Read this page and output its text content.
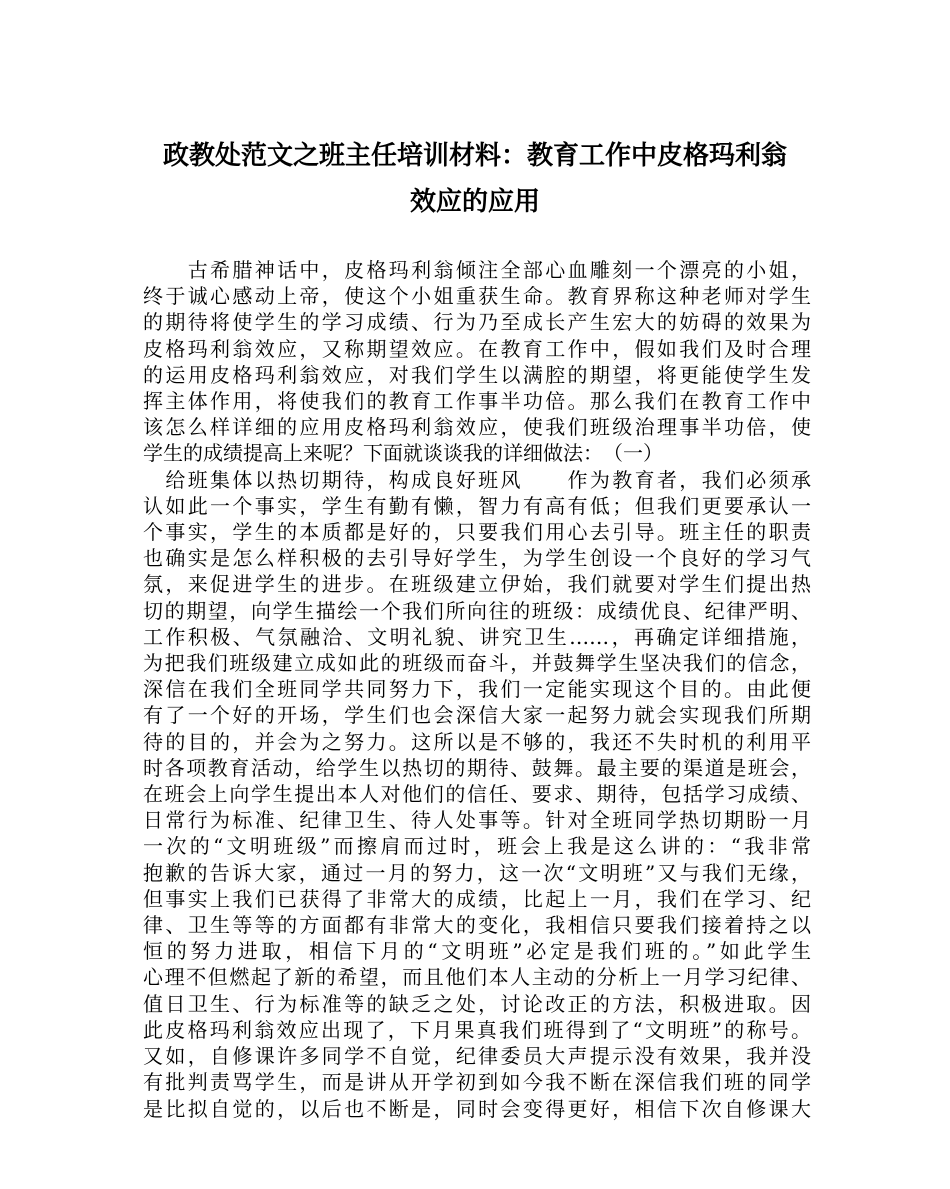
政教处范文之班主任培训材料：教育工作中皮格玛利翁
效应的应用
　　古希腊神话中，皮格玛利翁倾注全部心血雕刻一个漂亮的小姐，
终于诚心感动上帝，使这个小姐重获生命。教育界称这种老师对学生
的期待将使学生的学习成绩、行为乃至成长产生宏大的妨碍的效果为
皮格玛利翁效应，又称期望效应。在教育工作中，假如我们及时合理
的运用皮格玛利翁效应，对我们学生以满腔的期望，将更能使学生发
挥主体作用，将使我们的教育工作事半功倍。那么我们在教育工作中
该怎么样详细的应用皮格玛利翁效应，使我们班级治理事半功倍，使
学生的成绩提高上来呢？下面就谈谈我的详细做法：　（一）
　给班集体以热切期待，构成良好班风　　作为教育者，我们必须承
认如此一个事实，学生有勤有懒，智力有高有低；但我们更要承认一
个事实，学生的本质都是好的，只要我们用心去引导。班主任的职责
也确实是怎么样积极的去引导好学生，为学生创设一个良好的学习气
氛，来促进学生的进步。在班级建立伊始，我们就要对学生们提出热
切的期望，向学生描绘一个我们所向往的班级：成绩优良、纪律严明、
工作积极、气氛融洽、文明礼貌、讲究卫生……，再确定详细措施，
为把我们班级建立成如此的班级而奋斗，并鼓舞学生坚决我们的信念，
深信在我们全班同学共同努力下，我们一定能实现这个目的。由此便
有了一个好的开场，学生们也会深信大家一起努力就会实现我们所期
待的目的，并会为之努力。这所以是不够的，我还不失时机的利用平
时各项教育活动，给学生以热切的期待、鼓舞。最主要的渠道是班会，
在班会上向学生提出本人对他们的信任、要求、期待，包括学习成绩、
日常行为标准、纪律卫生、待人处事等。针对全班同学热切期盼一月
一次的“文明班级”而擦肩而过时，班会上我是这么讲的：“我非常
抱歉的告诉大家，通过一月的努力，这一次“文明班”又与我们无缘，
但事实上我们已获得了非常大的成绩，比起上一月，我们在学习、纪
律、卫生等等的方面都有非常大的变化，我相信只要我们接着持之以
恒的努力进取，相信下月的“文明班”必定是我们班的。”如此学生
心理不但燃起了新的希望，而且他们本人主动的分析上一月学习纪律、
值日卫生、行为标准等的缺乏之处，讨论改正的方法，积极进取。因
此皮格玛利翁效应出现了，下月果真我们班得到了“文明班”的称号。
又如，自修课许多同学不自觉，纪律委员大声提示没有效果，我并没
有批判责骂学生，而是讲从开学初到如今我不断在深信我们班的同学
是比拟自觉的，以后也不断是，同时会变得更好，相信下次自修课大
